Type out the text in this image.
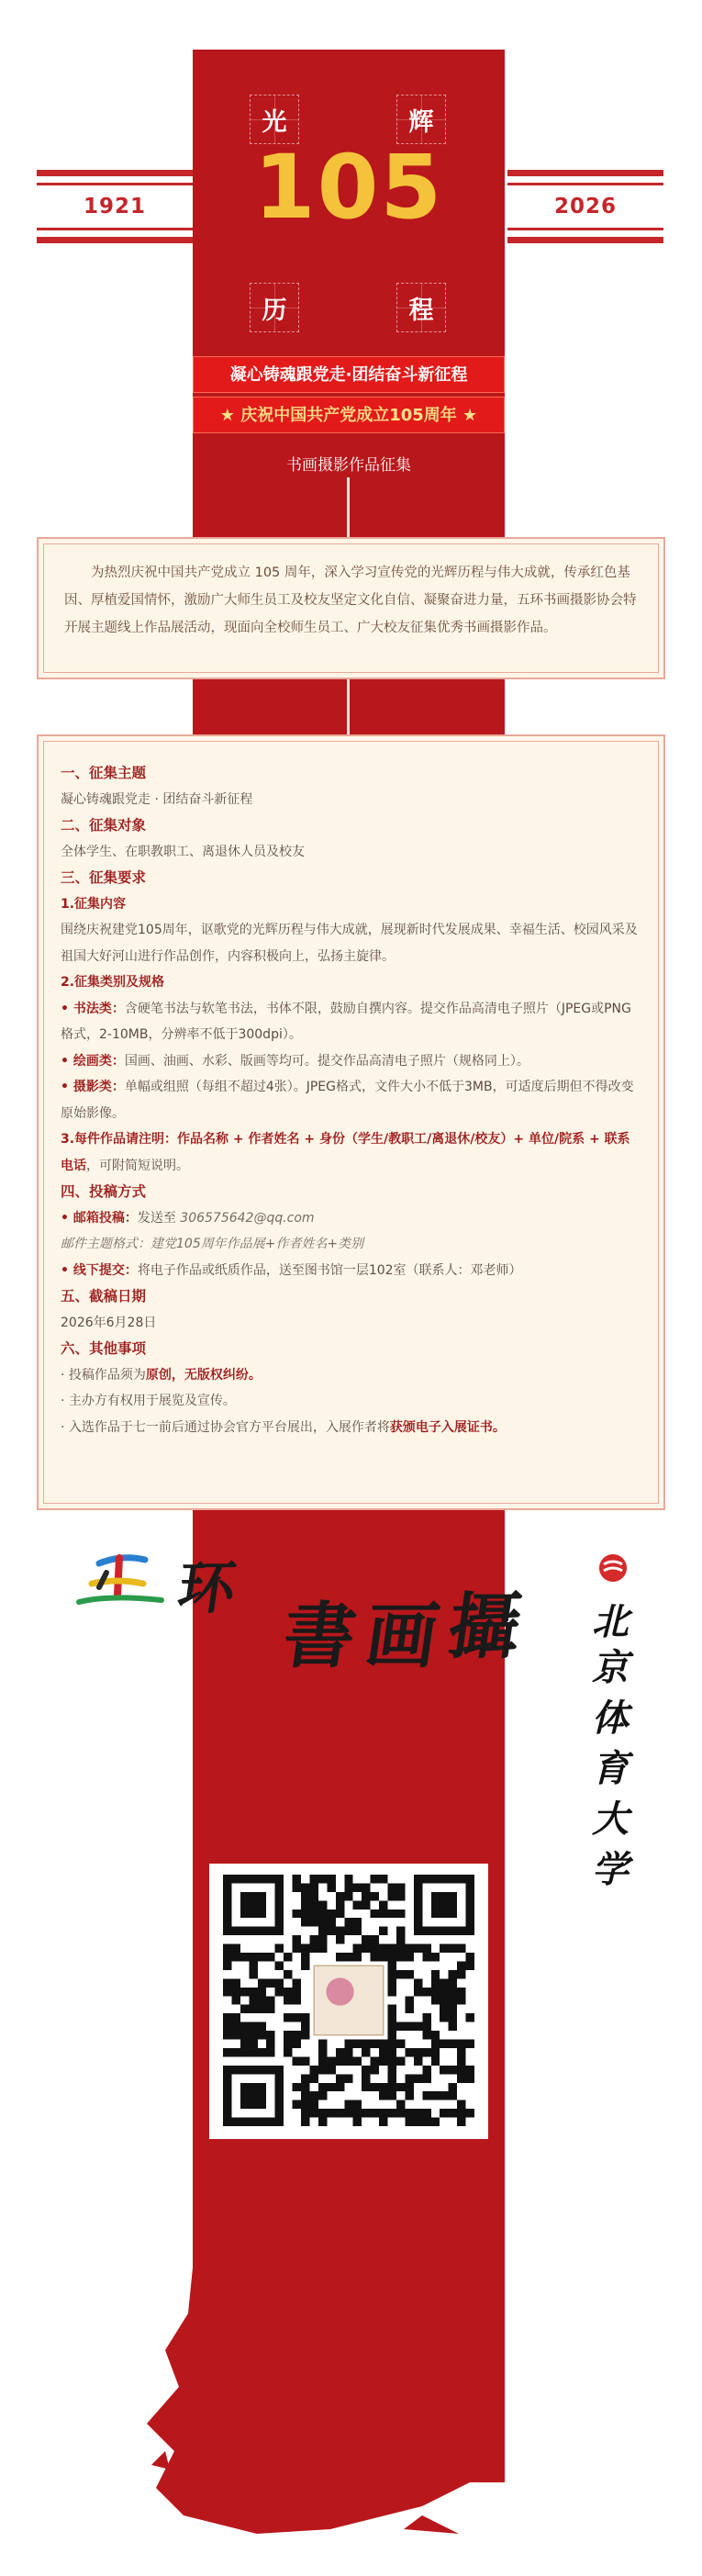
1921	2026
光	辉
历	程
105
凝心铸魂跟党走·团结奋斗新征程
★ 庆祝中国共产党成立105周年 ★
书画摄影作品征集

为热烈庆祝中国共产党成立 105 周年，深入学习宣传党的光辉历程与伟大成就，传承红色基因、厚植爱国情怀，激励广大师生员工及校友坚定文化自信、凝聚奋进力量，五环书画摄影协会特开展主题线上作品展活动，现面向全校师生员工、广大校友征集优秀书画摄影作品。

一、征集主题
凝心铸魂跟党走 · 团结奋斗新征程
二、征集对象
全体学生、在职教职工、离退休人员及校友
三、征集要求
1.征集内容
围绕庆祝建党105周年，讴歌党的光辉历程与伟大成就，展现新时代发展成果、幸福生活、校园风采及祖国大好河山进行作品创作，内容积极向上，弘扬主旋律。
2.征集类别及规格
• 书法类：含硬笔书法与软笔书法，书体不限，鼓励自撰内容。提交作品高清电子照片（JPEG或PNG格式，2-10MB，分辨率不低于300dpi）。
• 绘画类：国画、油画、水彩、版画等均可。提交作品高清电子照片（规格同上）。
• 摄影类：单幅或组照（每组不超过4张）。JPEG格式，文件大小不低于3MB，可适度后期但不得改变原始影像。
3.每件作品请注明：作品名称 + 作者姓名 + 身份（学生/教职工/离退休/校友）+ 单位/院系 + 联系电话，可附简短说明。
四、投稿方式
• 邮箱投稿：发送至 306575642@qq.com
邮件主题格式：建党105周年作品展+作者姓名+类别
• 线下提交：将电子作品或纸质作品，送至图书馆一层102室（联系人：邓老师）
五、截稿日期
2026年6月28日
六、其他事项
· 投稿作品须为原创，无版权纠纷。
· 主办方有权用于展览及宣传。
· 入选作品于七一前后通过协会官方平台展出，入展作者将获颁电子入展证书。
环
書 画 攝 北
京
体
育
大
学
